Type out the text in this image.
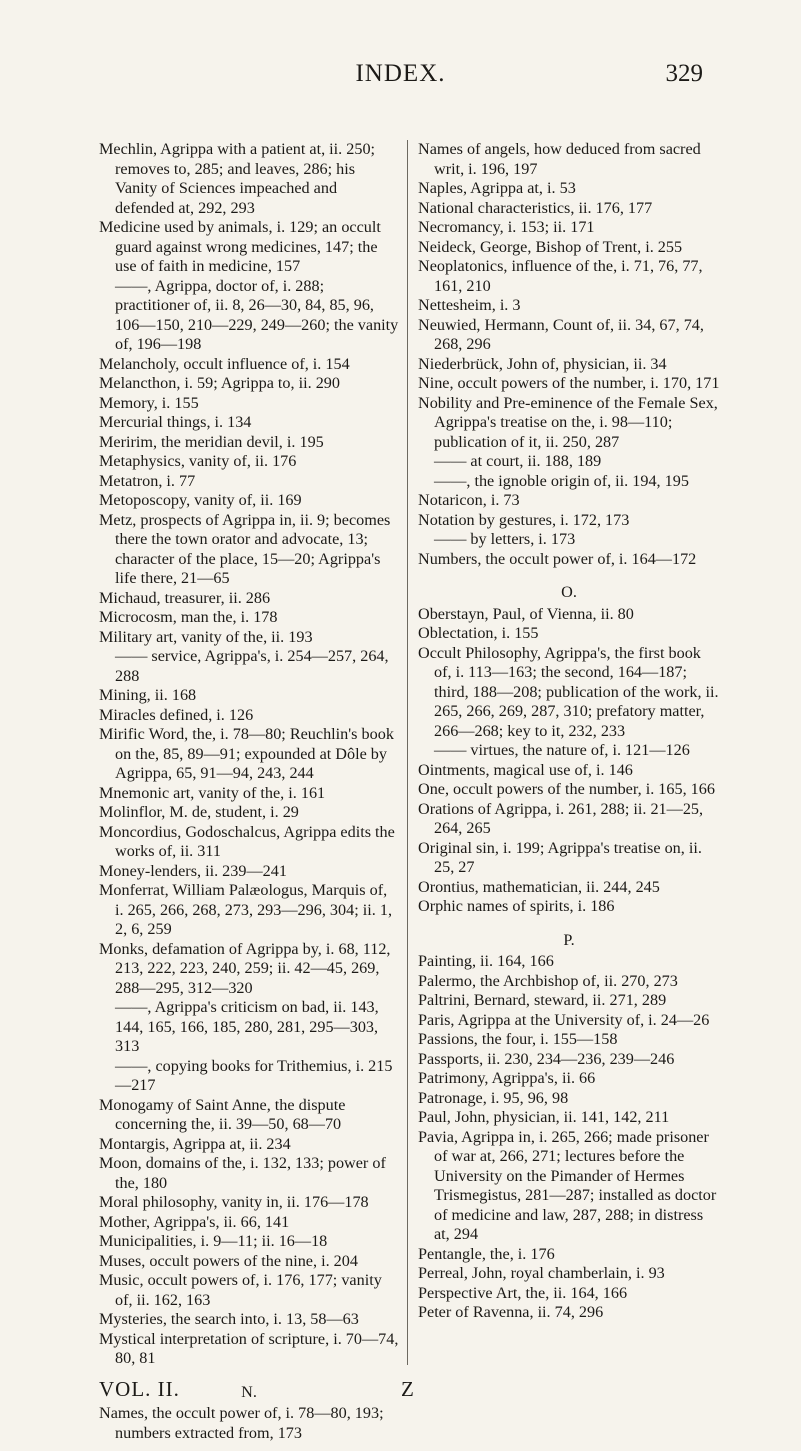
INDEX.	329
Mechlin, Agrippa with a patient at, ii. 250; removes to, 285; and leaves, 286; his Vanity of Sciences impeached and defended at, 292, 293
Medicine used by animals, i. 129; an occult guard against wrong medicines, 147; the use of faith in medicine, 157
——, Agrippa, doctor of, i. 288; practitioner of, ii. 8, 26—30, 84, 85, 96, 106—150, 210—229, 249—260; the vanity of, 196—198
Melancholy, occult influence of, i. 154
Melancthon, i. 59; Agrippa to, ii. 290
Memory, i. 155
Mercurial things, i. 134
Meririm, the meridian devil, i. 195
Metaphysics, vanity of, ii. 176
Metatron, i. 77
Metoposcopy, vanity of, ii. 169
Metz, prospects of Agrippa in, ii. 9; becomes there the town orator and advocate, 13; character of the place, 15—20; Agrippa's life there, 21—65
Michaud, treasurer, ii. 286
Microcosm, man the, i. 178
Military art, vanity of the, ii. 193
—— service, Agrippa's, i. 254—257, 264, 288
Mining, ii. 168
Miracles defined, i. 126
Mirific Word, the, i. 78—80; Reuchlin's book on the, 85, 89—91; expounded at Dôle by Agrippa, 65, 91—94, 243, 244
Mnemonic art, vanity of the, i. 161
Molinflor, M. de, student, i. 29
Moncordius, Godoschalcus, Agrippa edits the works of, ii. 311
Money-lenders, ii. 239—241
Monferrat, William Palæologus, Marquis of, i. 265, 266, 268, 273, 293—296, 304; ii. 1, 2, 6, 259
Monks, defamation of Agrippa by, i. 68, 112, 213, 222, 223, 240, 259; ii. 42—45, 269, 288—295, 312—320
——, Agrippa's criticism on bad, ii. 143, 144, 165, 166, 185, 280, 281, 295—303, 313
——, copying books for Trithemius, i. 215—217
Monogamy of Saint Anne, the dispute concerning the, ii. 39—50, 68—70
Montargis, Agrippa at, ii. 234
Moon, domains of the, i. 132, 133; power of the, 180
Moral philosophy, vanity in, ii. 176—178
Mother, Agrippa's, ii. 66, 141
Municipalities, i. 9—11; ii. 16—18
Muses, occult powers of the nine, i. 204
Music, occult powers of, i. 176, 177; vanity of, ii. 162, 163
Mysteries, the search into, i. 13, 58—63
Mystical interpretation of scripture, i. 70—74, 80, 81
N.
Names, the occult power of, i. 78—80, 193; numbers extracted from, 173
Names of angels, how deduced from sacred writ, i. 196, 197
Naples, Agrippa at, i. 53
National characteristics, ii. 176, 177
Necromancy, i. 153; ii. 171
Neideck, George, Bishop of Trent, i. 255
Neoplatonics, influence of the, i. 71, 76, 77, 161, 210
Nettesheim, i. 3
Neuwied, Hermann, Count of, ii. 34, 67, 74, 268, 296
Niederbrück, John of, physician, ii. 34
Nine, occult powers of the number, i. 170, 171
Nobility and Pre-eminence of the Female Sex, Agrippa's treatise on the, i. 98—110; publication of it, ii. 250, 287
—— at court, ii. 188, 189
——, the ignoble origin of, ii. 194, 195
Notaricon, i. 73
Notation by gestures, i. 172, 173
—— by letters, i. 173
Numbers, the occult power of, i. 164—172
O.
Oberstayn, Paul, of Vienna, ii. 80
Oblectation, i. 155
Occult Philosophy, Agrippa's, the first book of, i. 113—163; the second, 164—187; third, 188—208; publication of the work, ii. 265, 266, 269, 287, 310; prefatory matter, 266—268; key to it, 232, 233
—— virtues, the nature of, i. 121—126
Ointments, magical use of, i. 146
One, occult powers of the number, i. 165, 166
Orations of Agrippa, i. 261, 288; ii. 21—25, 264, 265
Original sin, i. 199; Agrippa's treatise on, ii. 25, 27
Orontius, mathematician, ii. 244, 245
Orphic names of spirits, i. 186
P.
Painting, ii. 164, 166
Palermo, the Archbishop of, ii. 270, 273
Paltrini, Bernard, steward, ii. 271, 289
Paris, Agrippa at the University of, i. 24—26
Passions, the four, i. 155—158
Passports, ii. 230, 234—236, 239—246
Patrimony, Agrippa's, ii. 66
Patronage, i. 95, 96, 98
Paul, John, physician, ii. 141, 142, 211
Pavia, Agrippa in, i. 265, 266; made prisoner of war at, 266, 271; lectures before the University on the Pimander of Hermes Trismegistus, 281—287; installed as doctor of medicine and law, 287, 288; in distress at, 294
Pentangle, the, i. 176
Perreal, John, royal chamberlain, i. 93
Perspective Art, the, ii. 164, 166
Peter of Ravenna, ii. 74, 296
VOL. II.	Z
